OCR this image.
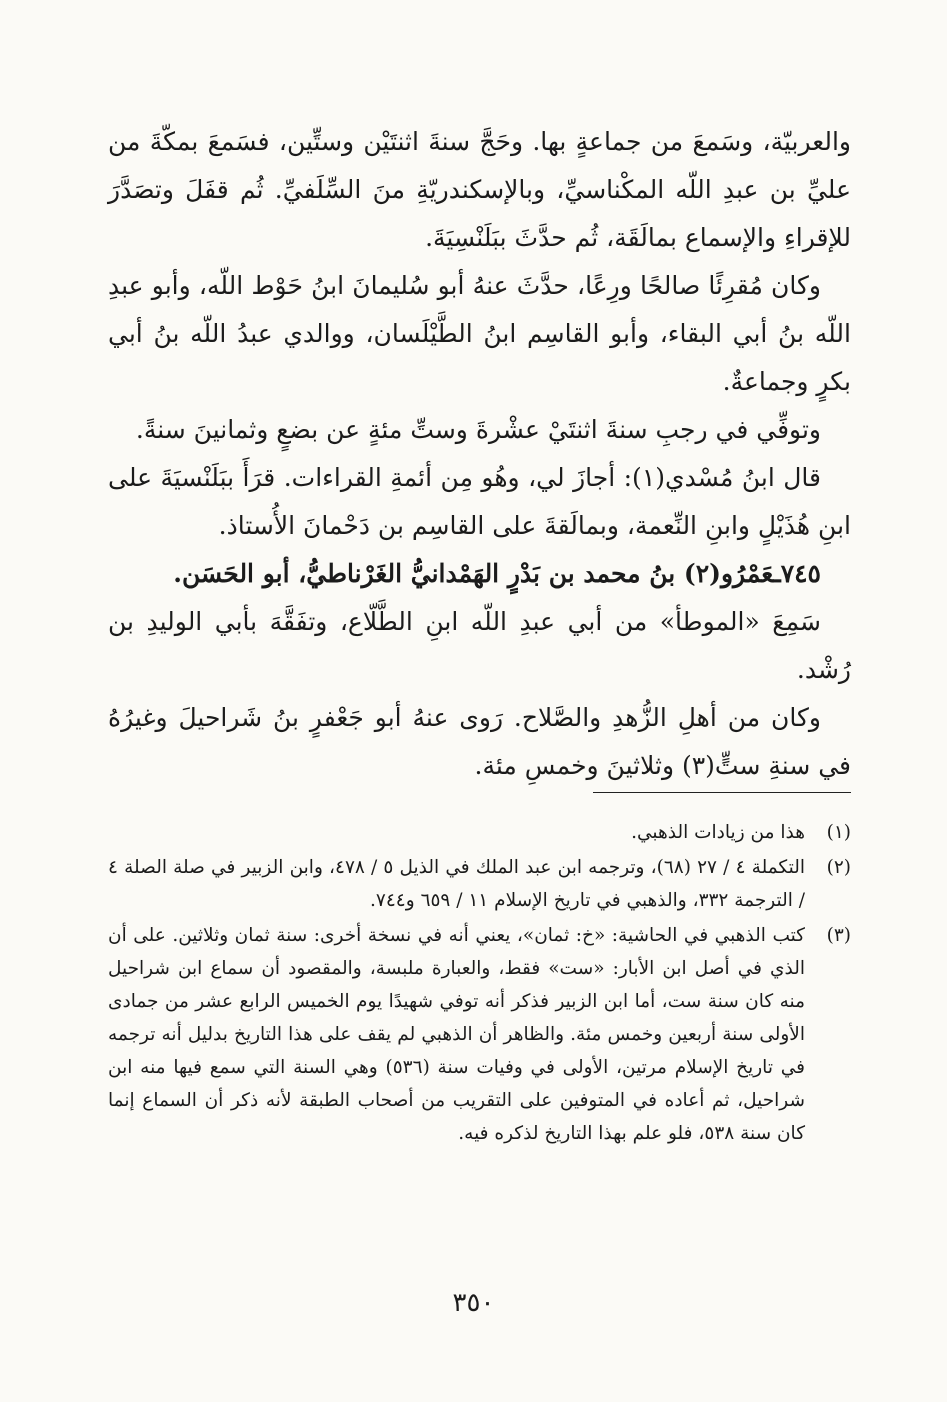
والعربيّة، وسَمعَ من جماعةٍ بها. وحَجَّ سنةَ اثنتَيْن وستِّين، فسَمعَ بمكّةَ من عليِّ بن عبدِ اللّه المكْناسيِّ، وبالإسكندريّةِ منَ السِّلَفيِّ. ثُم قفَلَ وتصَدَّرَ للإقراءِ والإسماع بمالَقَة، ثُم حدَّثَ ببَلَنْسِيَةَ.

وكان مُقرِئًا صالحًا ورِعًا، حدَّثَ عنهُ أبو سُليمانَ ابنُ حَوْط اللّه، وأبو عبدِ اللّه بنُ أبي البقاء، وأبو القاسِم ابنُ الطَّيْلَسان، ووالدي عبدُ اللّه بنُ أبي بكرٍ وجماعةٌ.

وتوفِّي في رجبِ سنةَ اثنتَيْ عشْرةَ وستِّ مئةٍ عن بضعٍ وثمانينَ سنةً.

قال ابنُ مُسْدي(١): أجازَ لي، وهُو مِن أئمةِ القراءات. قرَأَ ببَلَنْسيَةَ على ابنِ هُذَيْلٍ وابنِ النِّعمة، وبمالَقةَ على القاسِم بن دَحْمانَ الأُستاذ.

٧٤٥ـعَمْرُو(٢) بنُ محمد بن بَدْرٍ الهَمْدانيُّ الغَرْناطيُّ، أبو الحَسَن.

سَمِعَ «الموطأ» من أبي عبدِ اللّه ابنِ الطَّلّاع، وتفَقَّهَ بأبي الوليدِ بن رُشْد.

وكان من أهلِ الزُّهدِ والصَّلاح. رَوى عنهُ أبو جَعْفرٍ بنُ شَراحيلَ وغيرُهُ في سنةِ ستٍّ(٣) وثلاثينَ وخمسِ مئة.

(١)
هذا من زيادات الذهبي.
(٢)
التكملة ٤ / ٢٧ (٦٨)، وترجمه ابن عبد الملك في الذيل ٥ / ٤٧٨، وابن الزبير في صلة الصلة ٤ / الترجمة ٣٣٢، والذهبي في تاريخ الإسلام ١١ / ٦٥٩ و٧٤٤.
(٣)
كتب الذهبي في الحاشية: «خ: ثمان»، يعني أنه في نسخة أخرى: سنة ثمان وثلاثين. على أن الذي في أصل ابن الأبار: «ست» فقط، والعبارة ملبسة، والمقصود أن سماع ابن شراحيل منه كان سنة ست، أما ابن الزبير فذكر أنه توفي شهيدًا يوم الخميس الرابع عشر من جمادى الأولى سنة أربعين وخمس مئة. والظاهر أن الذهبي لم يقف على هذا التاريخ بدليل أنه ترجمه في تاريخ الإسلام مرتين، الأولى في وفيات سنة (٥٣٦) وهي السنة التي سمع فيها منه ابن شراحيل، ثم أعاده في المتوفين على التقريب من أصحاب الطبقة لأنه ذكر أن السماع إنما كان سنة ٥٣٨، فلو علم بهذا التاريخ لذكره فيه.
٣٥٠
